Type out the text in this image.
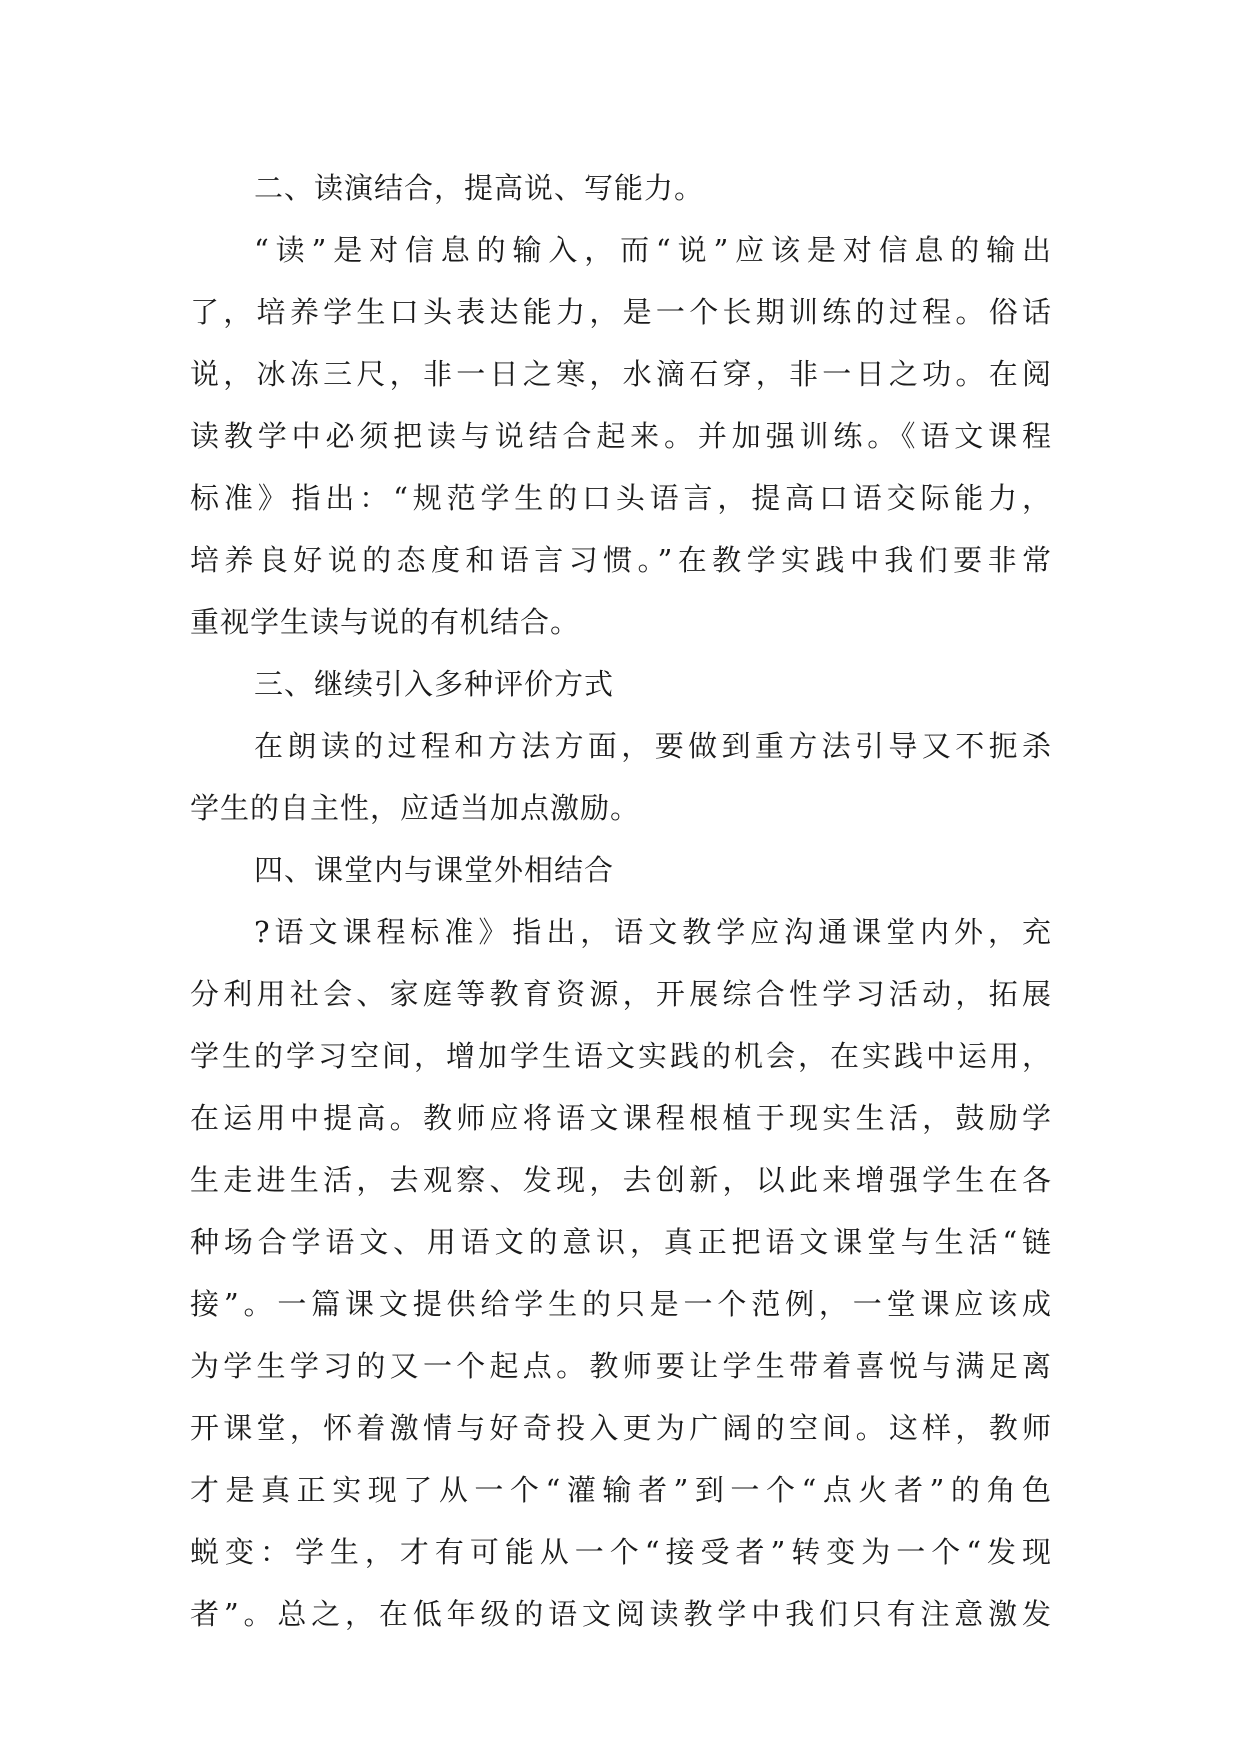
二、读演结合，提高说、写能力。
“读”是对信息的输入，而“说”应该是对信息的输出
了，培养学生口头表达能力，是一个长期训练的过程。俗话
说，冰冻三尺，非一日之寒，水滴石穿，非一日之功。在阅
读教学中必须把读与说结合起来。并加强训练。《语文课程
标准》指出：“规范学生的口头语言，提高口语交际能力，
培养良好说的态度和语言习惯。”在教学实践中我们要非常
重视学生读与说的有机结合。
三、继续引入多种评价方式
在朗读的过程和方法方面，要做到重方法引导又不扼杀
学生的自主性，应适当加点激励。
四、课堂内与课堂外相结合
?语文课程标准》指出，语文教学应沟通课堂内外，充
分利用社会、家庭等教育资源，开展综合性学习活动，拓展
学生的学习空间，增加学生语文实践的机会，在实践中运用，
在运用中提高。教师应将语文课程根植于现实生活，鼓励学
生走进生活，去观察、发现，去创新，以此来增强学生在各
种场合学语文、用语文的意识，真正把语文课堂与生活“链
接”。一篇课文提供给学生的只是一个范例，一堂课应该成
为学生学习的又一个起点。教师要让学生带着喜悦与满足离
开课堂，怀着激情与好奇投入更为广阔的空间。这样，教师
才是真正实现了从一个“灌输者”到一个“点火者”的角色
蜕变：学生，才有可能从一个“接受者”转变为一个“发现
者”。总之，在低年级的语文阅读教学中我们只有注意激发
